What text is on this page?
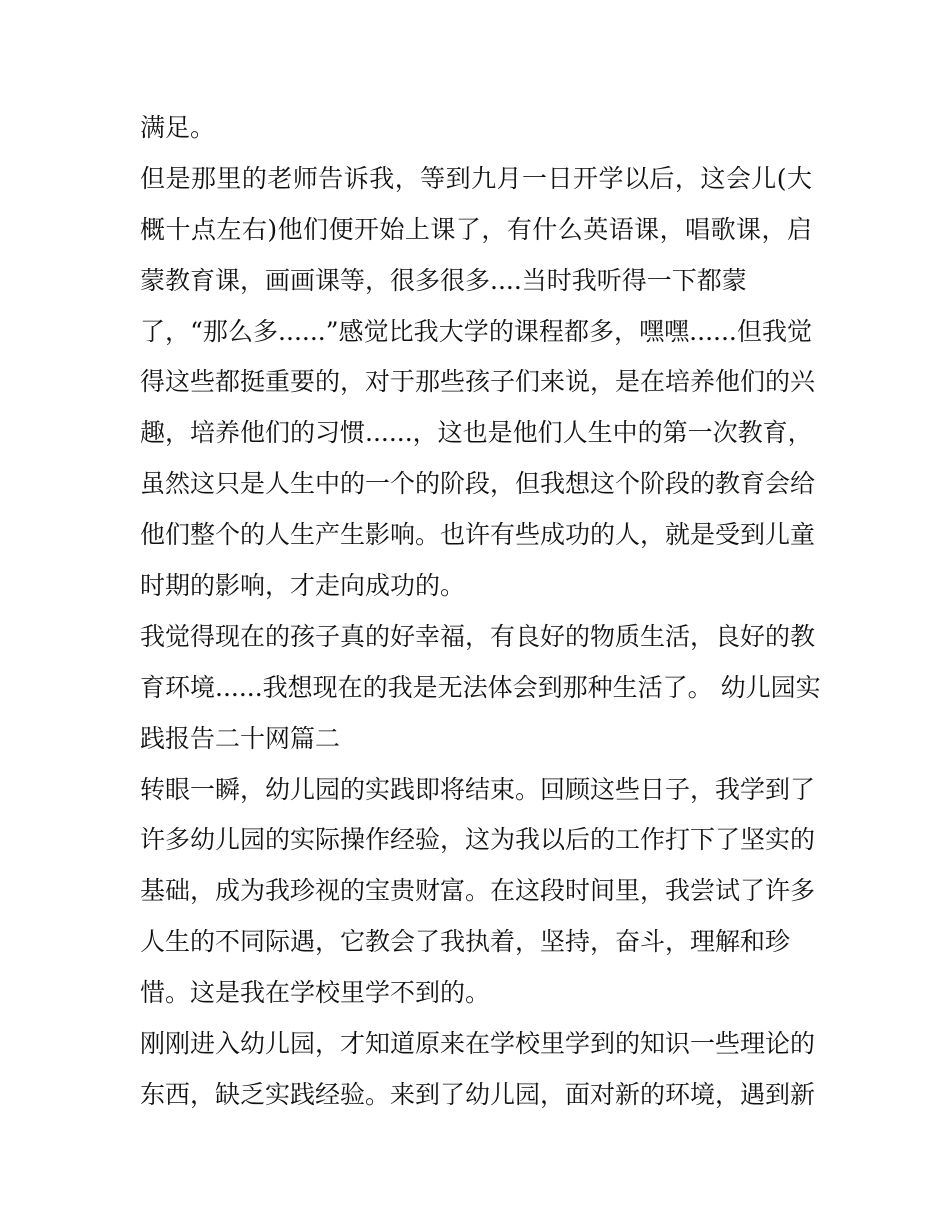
满足。
但是那里的老师告诉我，等到九月一日开学以后，这会儿(大
概十点左右)他们便开始上课了，有什么英语课，唱歌课，启
蒙教育课，画画课等，很多很多....当时我听得一下都蒙
了，“那么多......”感觉比我大学的课程都多，嘿嘿......但我觉
得这些都挺重要的，对于那些孩子们来说，是在培养他们的兴
趣，培养他们的习惯......，这也是他们人生中的第一次教育，
虽然这只是人生中的一个的阶段，但我想这个阶段的教育会给
他们整个的人生产生影响。也许有些成功的人，就是受到儿童
时期的影响，才走向成功的。
我觉得现在的孩子真的好幸福，有良好的物质生活，良好的教
育环境......我想现在的我是无法体会到那种生活了。 幼儿园实
践报告二十网篇二
转眼一瞬，幼儿园的实践即将结束。回顾这些日子，我学到了
许多幼儿园的实际操作经验，这为我以后的工作打下了坚实的
基础，成为我珍视的宝贵财富。在这段时间里，我尝试了许多
人生的不同际遇，它教会了我执着，坚持，奋斗，理解和珍
惜。这是我在学校里学不到的。
刚刚进入幼儿园，才知道原来在学校里学到的知识一些理论的
东西，缺乏实践经验。来到了幼儿园，面对新的环境，遇到新
